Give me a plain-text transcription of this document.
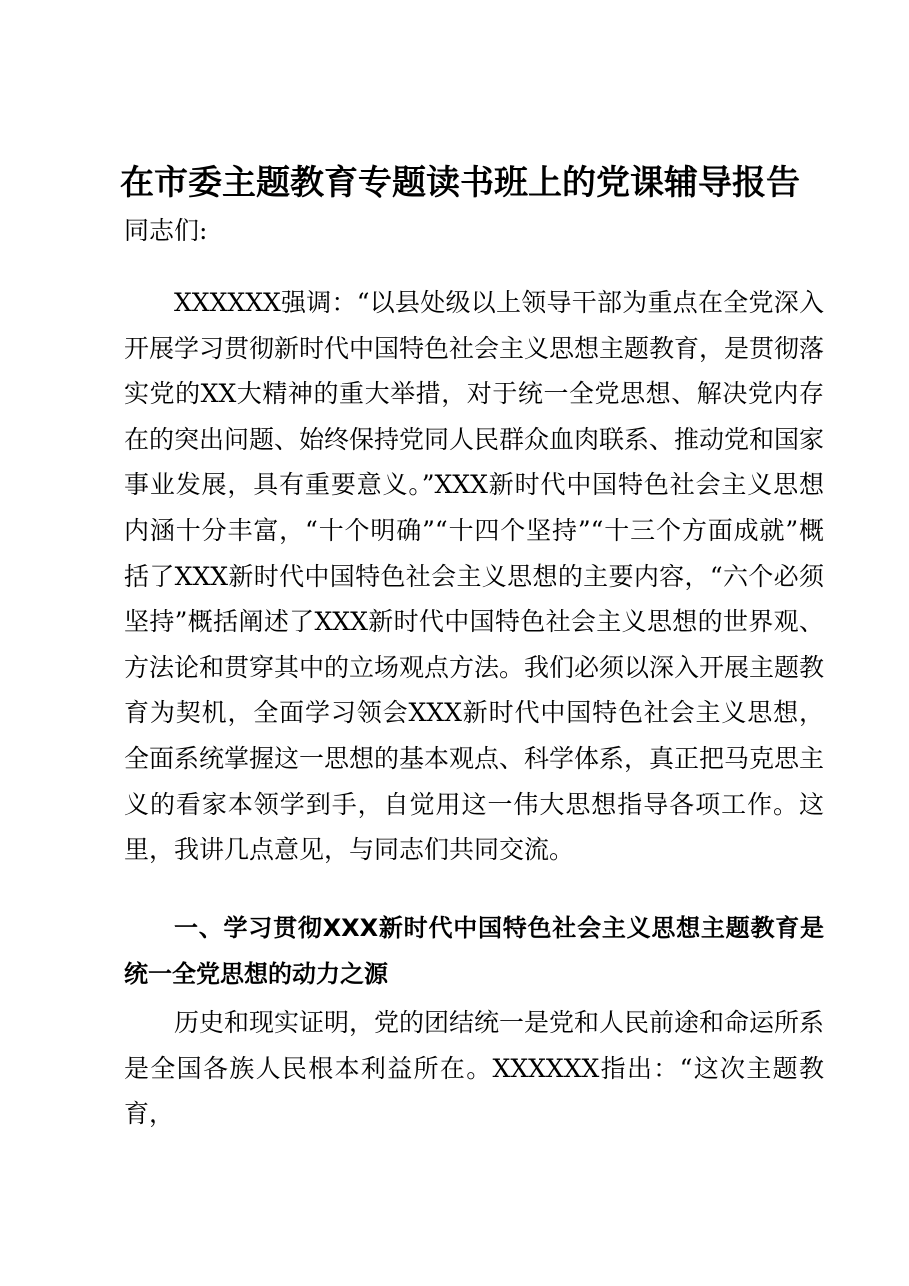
在市委主题教育专题读书班上的党课辅导报告
同志们:
XXXXXX强调：“以县处级以上领导干部为重点在全党深入开展学习贯彻新时代中国特色社会主义思想主题教育，是贯彻落实党的XX大精神的重大举措，对于统一全党思想、解决党内存在的突出问题、始终保持党同人民群众血肉联系、推动党和国家事业发展，具有重要意义。”XXX新时代中国特色社会主义思想内涵十分丰富，“十个明确”“十四个坚持”“十三个方面成就”概括了XXX新时代中国特色社会主义思想的主要内容，“六个必须坚持”概括阐述了XXX新时代中国特色社会主义思想的世界观、方法论和贯穿其中的立场观点方法。我们必须以深入开展主题教育为契机，全面学习领会XXX新时代中国特色社会主义思想，全面系统掌握这一思想的基本观点、科学体系，真正把马克思主义的看家本领学到手，自觉用这一伟大思想指导各项工作。这里，我讲几点意见，与同志们共同交流。
一、学习贯彻XXX新时代中国特色社会主义思想主题教育是统一全党思想的动力之源
历史和现实证明，党的团结统一是党和人民前途和命运所系是全国各族人民根本利益所在。XXXXXX指出：“这次主题教育，
